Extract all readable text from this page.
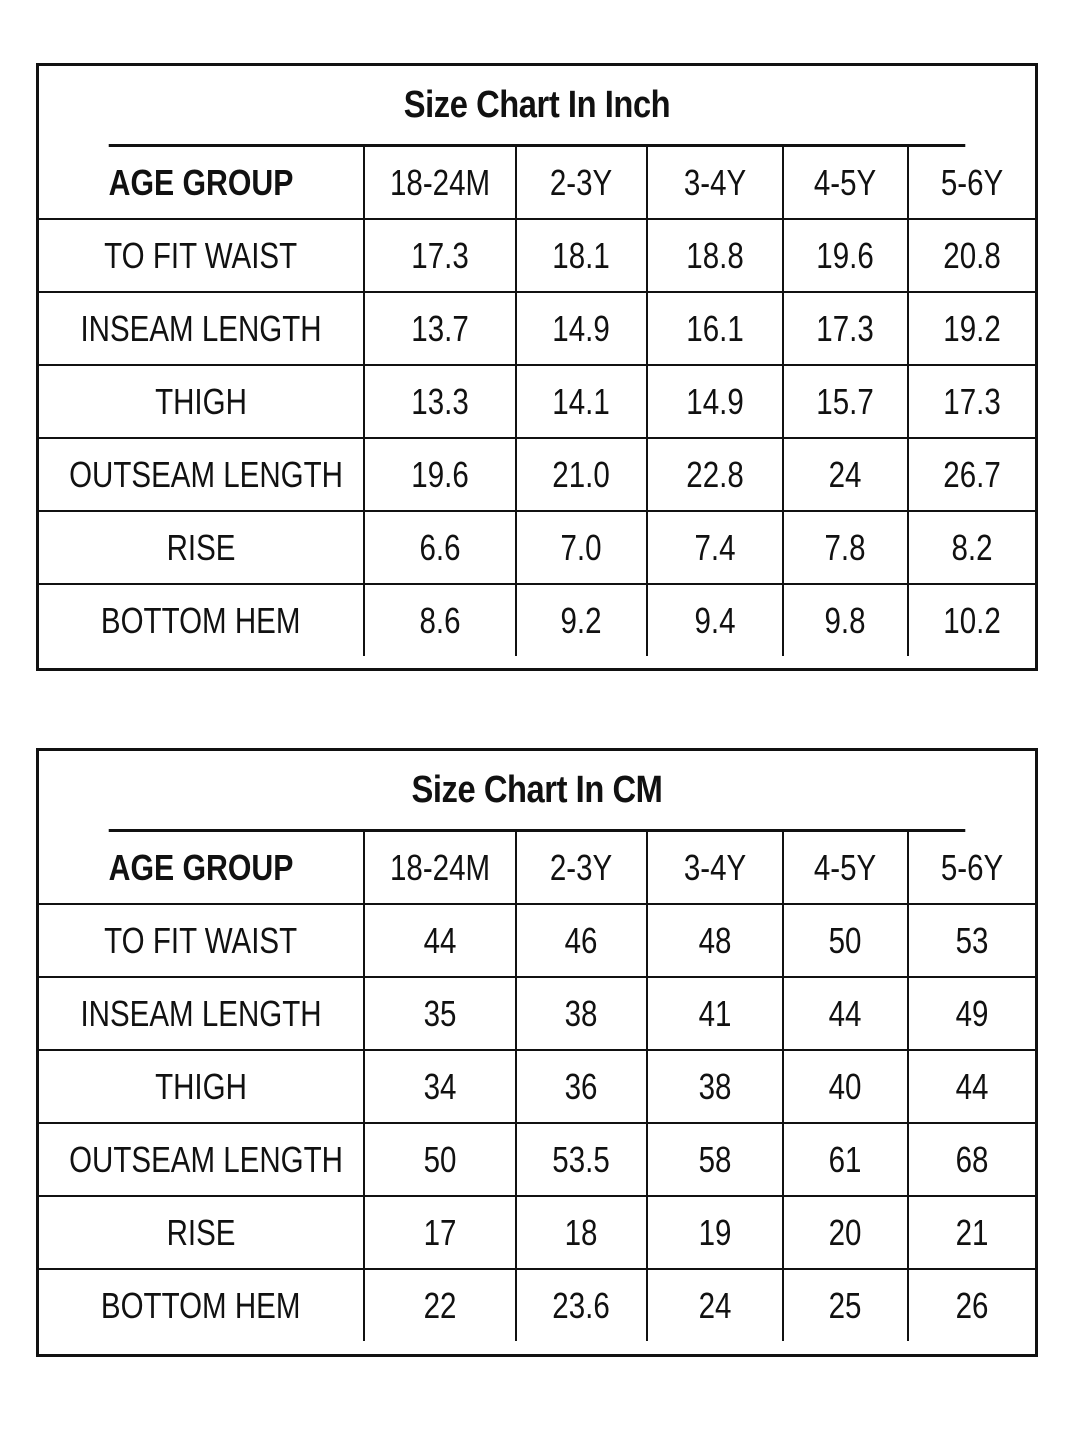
Size Chart In Inch
AGE GROUP	18-24M	2-3Y	3-4Y	4-5Y	5-6Y
TO FIT WAIST	17.3	18.1	18.8	19.6	20.8
INSEAM LENGTH	13.7	14.9	16.1	17.3	19.2
THIGH	13.3	14.1	14.9	15.7	17.3
OUTSEAM LENGTH	19.6	21.0	22.8	24	26.7
RISE	6.6	7.0	7.4	7.8	8.2
BOTTOM HEM	8.6	9.2	9.4	9.8	10.2
Size Chart In CM
AGE GROUP	18-24M	2-3Y	3-4Y	4-5Y	5-6Y
TO FIT WAIST	44	46	48	50	53
INSEAM LENGTH	35	38	41	44	49
THIGH	34	36	38	40	44
OUTSEAM LENGTH	50	53.5	58	61	68
RISE	17	18	19	20	21
BOTTOM HEM	22	23.6	24	25	26
